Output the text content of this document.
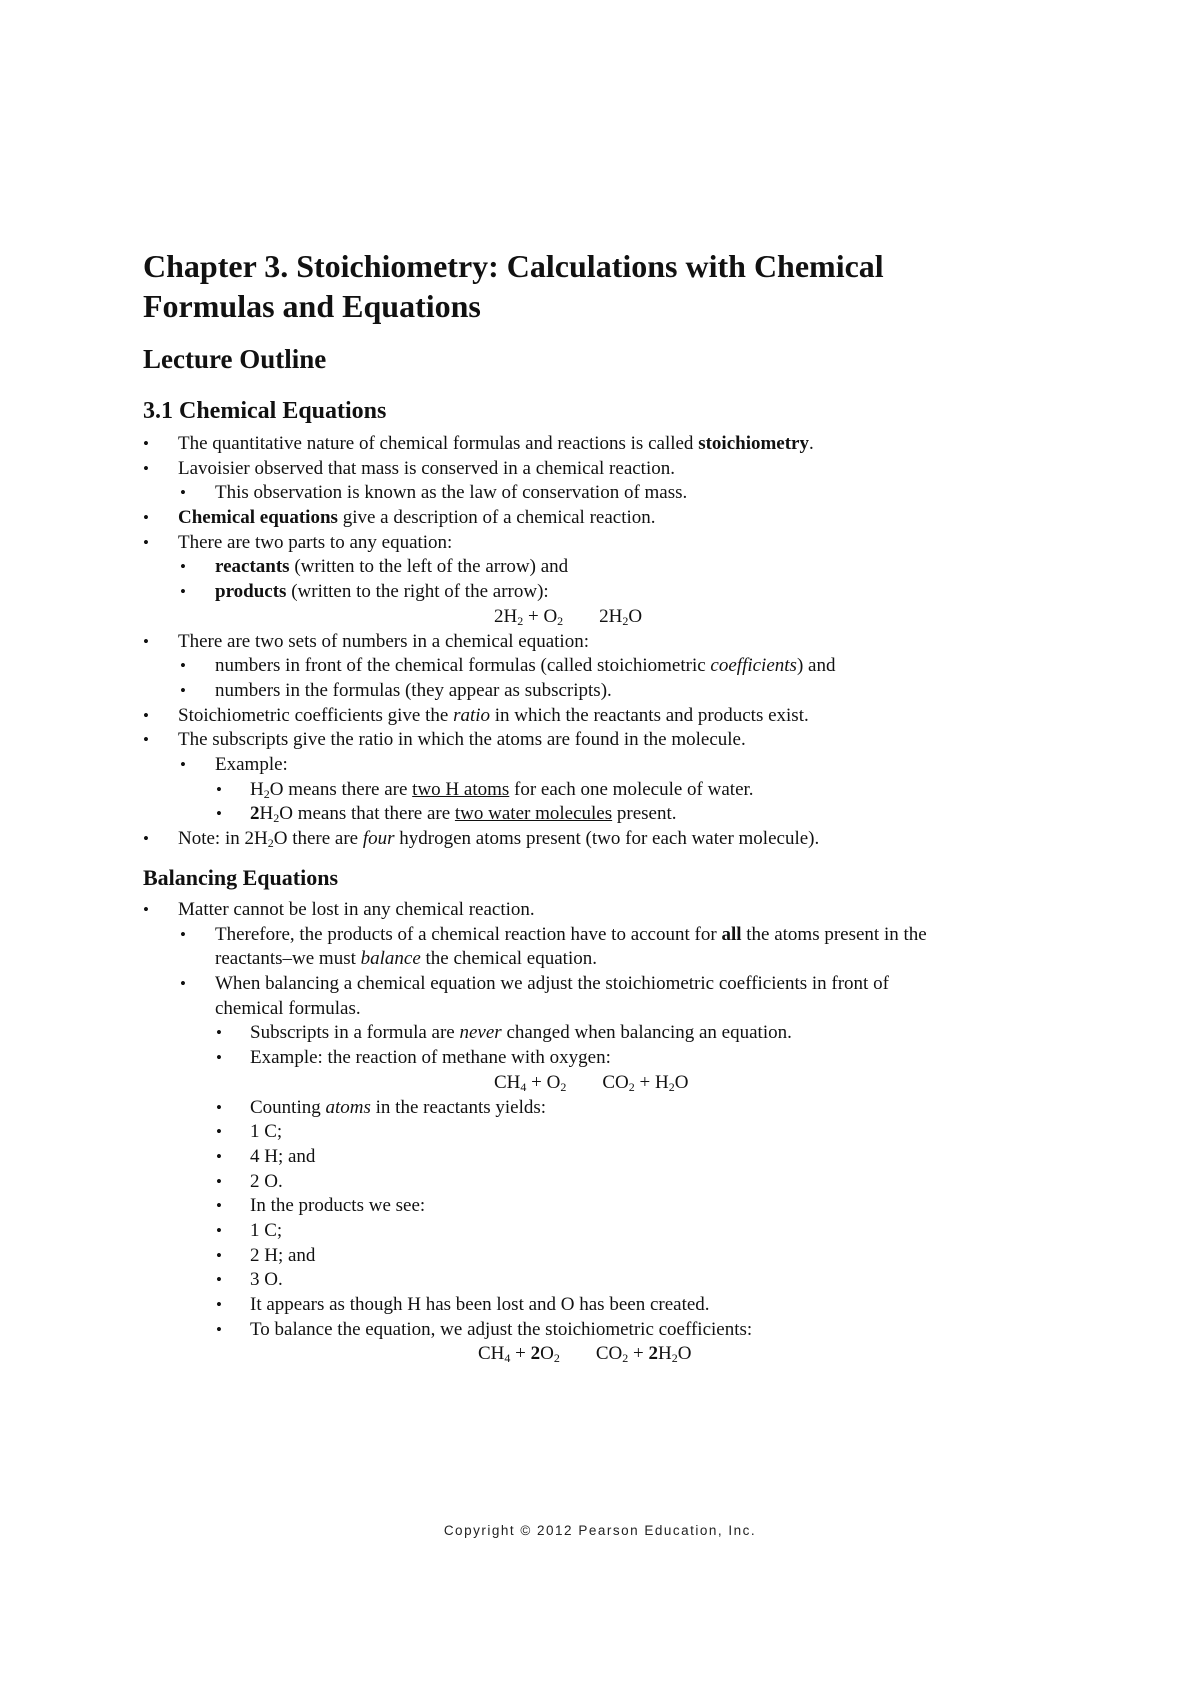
Chapter 3. Stoichiometry: Calculations with Chemical
Formulas and Equations
Lecture Outline
3.1 Chemical Equations
• The quantitative nature of chemical formulas and reactions is called stoichiometry.
• Lavoisier observed that mass is conserved in a chemical reaction.
• This observation is known as the law of conservation of mass.
• Chemical equations give a description of a chemical reaction.
• There are two parts to any equation:
• reactants (written to the left of the arrow) and
• products (written to the right of the arrow):
$2H_2 + O_2$ $2H_2O$
• There are two sets of numbers in a chemical equation:
• numbers in front of the chemical formulas (called stoichiometric coefficients) and
• numbers in the formulas (they appear as subscripts).
• Stoichiometric coefficients give the ratio in which the reactants and products exist.
• The subscripts give the ratio in which the atoms are found in the molecule.
• Example:
• $H_2O$ means there are two H atoms for each one molecule of water.
• $2H_2O$ means that there are two water molecules present.
• Note: in $2H_2O$ there are four hydrogen atoms present (two for each water molecule).
Balancing Equations
• Matter cannot be lost in any chemical reaction.
• Therefore, the products of a chemical reaction have to account for all the atoms present in the
reactants–we must balance the chemical equation.
• When balancing a chemical equation we adjust the stoichiometric coefficients in front of
chemical formulas.
• Subscripts in a formula are never changed when balancing an equation.
• Example: the reaction of methane with oxygen:
$CH_4 + O_2$ $CO_2 + H_2O$
• Counting atoms in the reactants yields:
• 1 C;
• 4 H; and
• 2 O.
• In the products we see:
• 1 C;
• 2 H; and
• 3 O.
• It appears as though H has been lost and O has been created.
• To balance the equation, we adjust the stoichiometric coefficients:
$CH_4 + 2O_2$ $CO_2 + 2H_2O$
Copyright © 2012 Pearson Education, Inc.
